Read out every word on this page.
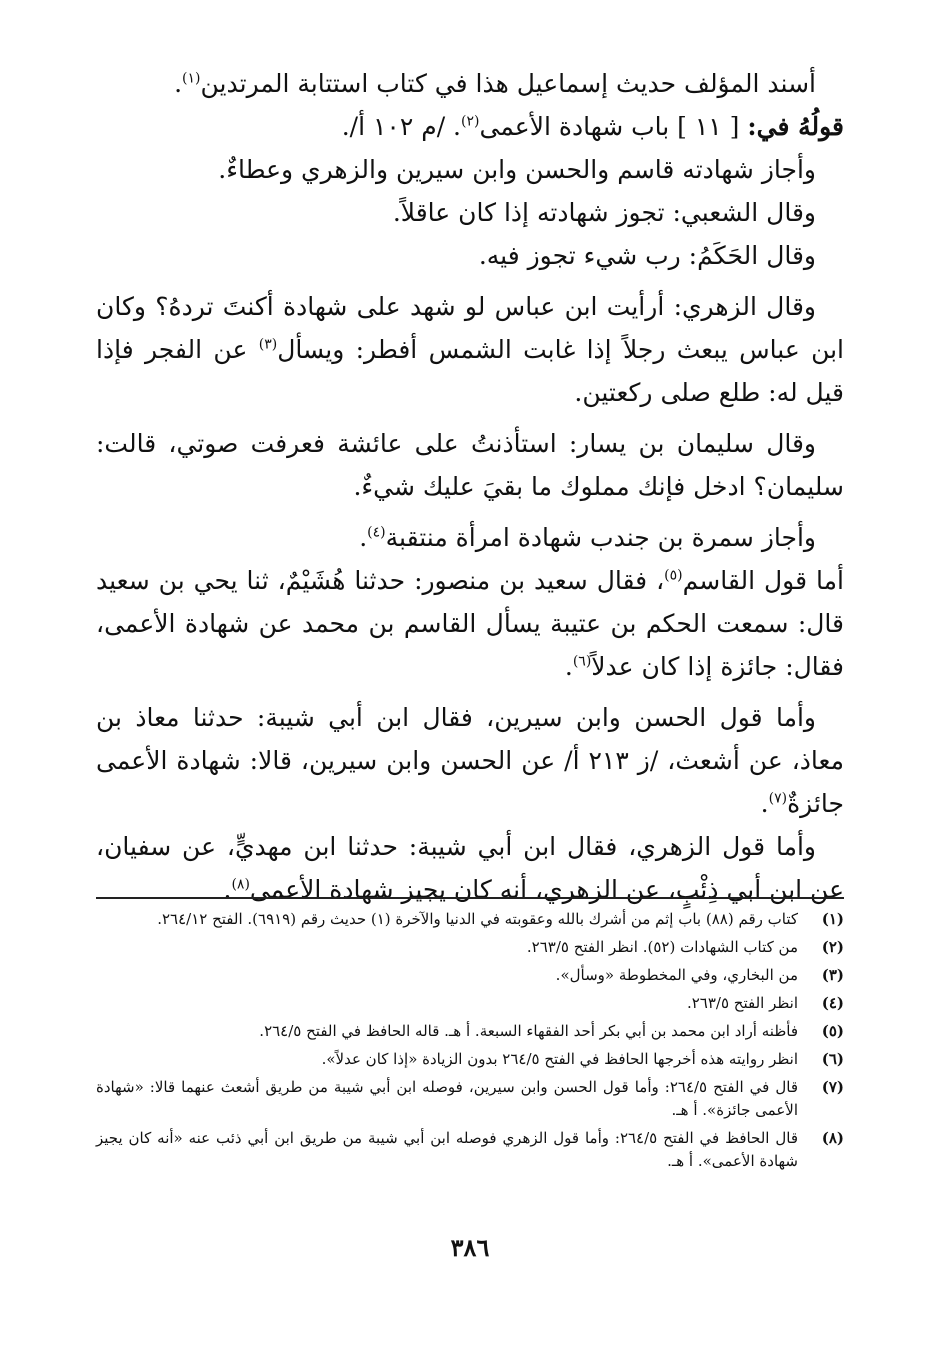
أسند المؤلف حديث إسماعيل هذا في كتاب استتابة المرتدين$^{(١)}$.

قولُهُ في: [ ١١ ] باب شهادة الأعمى$^{(٢)}$. /م ١٠٢ أ/.

وأجاز شهادته قاسم والحسن وابن سيرين والزهري وعطاءٌ.

وقال الشعبي: تجوز شهادته إذا كان عاقلاً.

وقال الحَكَمُ: رب شيء تجوز فيه.

وقال الزهري: أرأيت ابن عباس لو شهد على شهادة أكنتَ تردهُ؟ وكان ابن عباس يبعث رجلاً إذا غابت الشمس أفطر: ويسأل$^{(٣)}$ عن الفجر فإذا قيل له: طلع صلى ركعتين.

وقال سليمان بن يسار: استأذنتُ على عائشة فعرفت صوتي، قالت: سليمان؟ ادخل فإنك مملوك ما بقيَ عليك شيءٌ.

وأجاز سمرة بن جندب شهادة امرأة منتقبة$^{(٤)}$.

أما قول القاسم$^{(٥)}$، فقال سعيد بن منصور: حدثنا هُشَيْمٌ، ثنا يحي بن سعيد قال: سمعت الحكم بن عتيبة يسأل القاسم بن محمد عن شهادة الأعمى، فقال: جائزة إذا كان عدلاً$^{(٦)}$.

وأما قول الحسن وابن سيرين، فقال ابن أبي شيبة: حدثنا معاذ بن معاذ، عن أشعث، /ز ٢١٣ أ/ عن الحسن وابن سيرين، قالا: شهادة الأعمى جائزةٌ$^{(٧)}$.

وأما قول الزهري، فقال ابن أبي شيبة: حدثنا ابن مهديٍّ، عن سفيان، عن ابن أبي ذِئْبٍ، عن الزهري، أنه كان يجيز شهادة الأعمى$^{(٨)}$.

(١)
كتاب رقم (٨٨) باب إثم من أشرك بالله وعقوبته في الدنيا والآخرة (١) حديث رقم (٦٩١٩). الفتح ٢٦٤/١٢.
(٢)
من كتاب الشهادات (٥٢). انظر الفتح ٢٦٣/٥.
(٣)
من البخاري، وفي المخطوطة «وسأل».
(٤)
انظر الفتح ٢٦٣/٥.
(٥)
فأظنه أراد ابن محمد بن أبي بكر أحد الفقهاء السبعة. أ هـ. قاله الحافظ في الفتح ٢٦٤/٥.
(٦)
انظر روايته هذه أخرجها الحافظ في الفتح ٢٦٤/٥ بدون الزيادة «إذا كان عدلاً».
(٧)
قال في الفتح ٢٦٤/٥: وأما قول الحسن وابن سيرين، فوصله ابن أبي شيبة من طريق أشعث عنهما قالا: «شهادة الأعمى جائزة». أ هـ.
(٨)
قال الحافظ في الفتح ٢٦٤/٥: وأما قول الزهري فوصله ابن أبي شيبة من طريق ابن أبي ذئب عنه «أنه كان يجيز شهادة الأعمى». أ هـ.
٣٨٦
